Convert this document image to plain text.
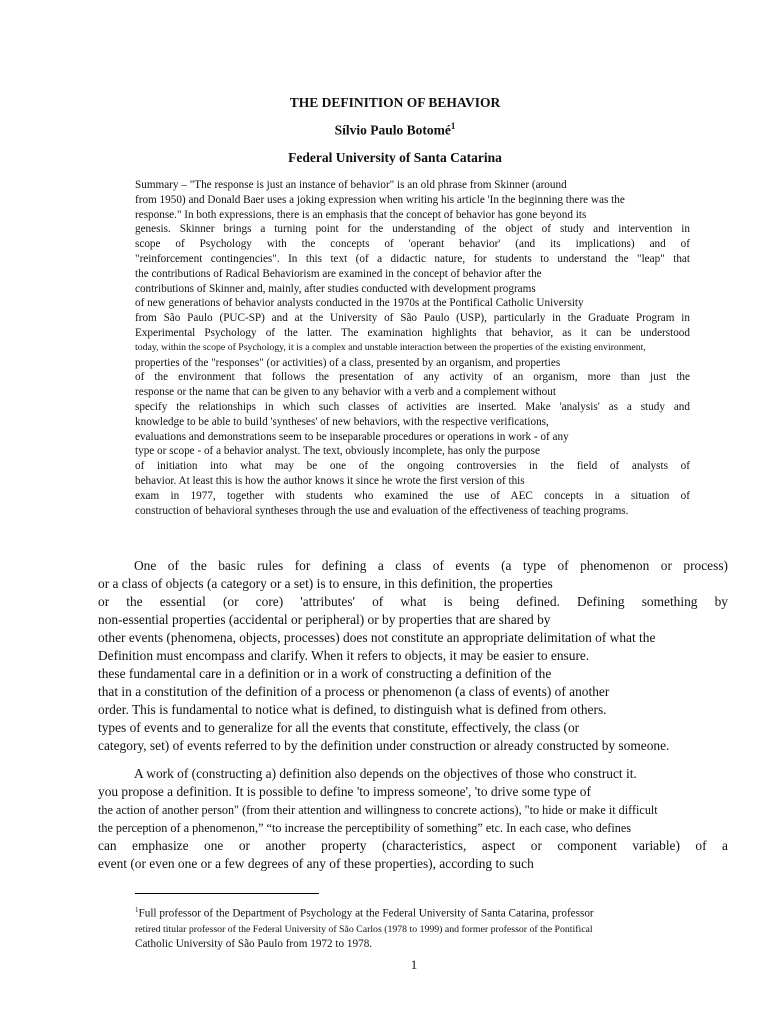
THE DEFINITION OF BEHAVIOR
Sílvio Paulo Botomé$^1$
Federal University of Santa Catarina
Summary – "The response is just an instance of behavior" is an old phrase from Skinner (around
from 1950) and Donald Baer uses a joking expression when writing his article 'In the beginning there was the
response." In both expressions, there is an emphasis that the concept of behavior has gone beyond its
genesis. Skinner brings a turning point for the understanding of the object of study and intervention in
scope of Psychology with the concepts of 'operant behavior' (and its implications) and of
"reinforcement contingencies". In this text (of a didactic nature, for students to understand the "leap" that
the contributions of Radical Behaviorism are examined in the concept of behavior after the
contributions of Skinner and, mainly, after studies conducted with development programs
of new generations of behavior analysts conducted in the 1970s at the Pontifical Catholic University
from São Paulo (PUC-SP) and at the University of São Paulo (USP), particularly in the Graduate Program in
Experimental Psychology of the latter. The examination highlights that behavior, as it can be understood
today, within the scope of Psychology, it is a complex and unstable interaction between the properties of the existing environment,
properties of the "responses" (or activities) of a class, presented by an organism, and properties
of the environment that follows the presentation of any activity of an organism, more than just the
response or the name that can be given to any behavior with a verb and a complement without
specify the relationships in which such classes of activities are inserted. Make 'analysis' as a study and
knowledge to be able to build 'syntheses' of new behaviors, with the respective verifications,
evaluations and demonstrations seem to be inseparable procedures or operations in work - of any
type or scope - of a behavior analyst. The text, obviously incomplete, has only the purpose
of initiation into what may be one of the ongoing controversies in the field of analysts of
behavior. At least this is how the author knows it since he wrote the first version of this
exam in 1977, together with students who examined the use of AEC concepts in a situation of
construction of behavioral syntheses through the use and evaluation of the effectiveness of teaching programs.
One of the basic rules for defining a class of events (a type of phenomenon or process)
or a class of objects (a category or a set) is to ensure, in this definition, the properties
or the essential (or core) 'attributes' of what is being defined. Defining something by
non-essential properties (accidental or peripheral) or by properties that are shared by
other events (phenomena, objects, processes) does not constitute an appropriate delimitation of what the
Definition must encompass and clarify. When it refers to objects, it may be easier to ensure.
these fundamental care in a definition or in a work of constructing a definition of the
that in a constitution of the definition of a process or phenomenon (a class of events) of another
order. This is fundamental to notice what is defined, to distinguish what is defined from others.
types of events and to generalize for all the events that constitute, effectively, the class (or
category, set) of events referred to by the definition under construction or already constructed by someone.
A work of (constructing a) definition also depends on the objectives of those who construct it.
you propose a definition. It is possible to define 'to impress someone', 'to drive some type of
the action of another person" (from their attention and willingness to concrete actions), "to hide or make it difficult
the perception of a phenomenon,” “to increase the perceptibility of something” etc. In each case, who defines
can emphasize one or another property (characteristics, aspect or component variable) of a
event (or even one or a few degrees of any of these properties), according to such
$^1$Full professor of the Department of Psychology at the Federal University of Santa Catarina, professor
retired titular professor of the Federal University of São Carlos (1978 to 1999) and former professor of the Pontifical
Catholic University of São Paulo from 1972 to 1978.
1
